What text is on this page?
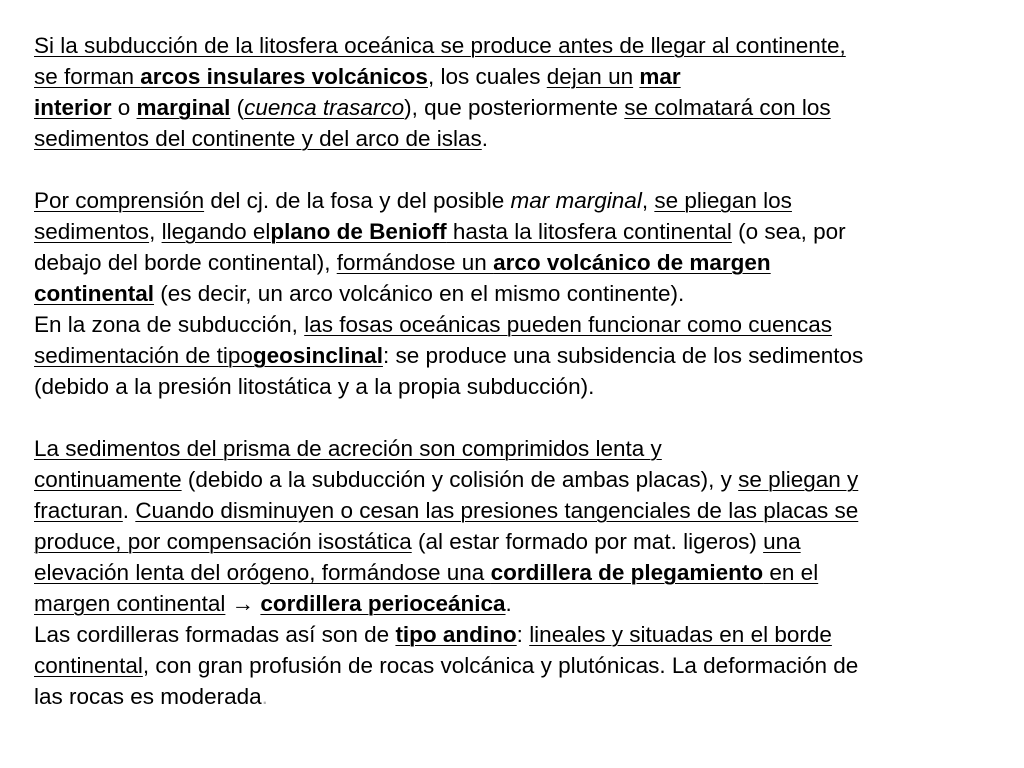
Si la subducción de la litosfera oceánica se produce antes de llegar al continente,
se forman arcos insulares volcánicos, los cuales dejan un mar
interior o marginal (cuenca trasarco), que posteriormente se colmatará con los
sedimentos del continente y del arco de islas.
Por comprensión del cj. de la fosa y del posible mar marginal, se pliegan los
sedimentos, llegando elplano de Benioff hasta la litosfera continental (o sea, por
debajo del borde continental), formándose un arco volcánico de margen
continental (es decir, un arco volcánico en el mismo continente).
En la zona de subducción, las fosas oceánicas pueden funcionar como cuencas
sedimentación de tipogeosinclinal: se produce una subsidencia de los sedimentos
(debido a la presión litostática y a la propia subducción).
La sedimentos del prisma de acreción son comprimidos lenta y
continuamente (debido a la subducción y colisión de ambas placas), y se pliegan y
fracturan. Cuando disminuyen o cesan las presiones tangenciales de las placas se
produce, por compensación isostática (al estar formado por mat. ligeros) una
elevación lenta del orógeno, formándose una cordillera de plegamiento en el
margen continental → cordillera perioceánica.
Las cordilleras formadas así son de tipo andino: lineales y situadas en el borde
continental, con gran profusión de rocas volcánica y plutónicas. La deformación de
las rocas es moderada.
